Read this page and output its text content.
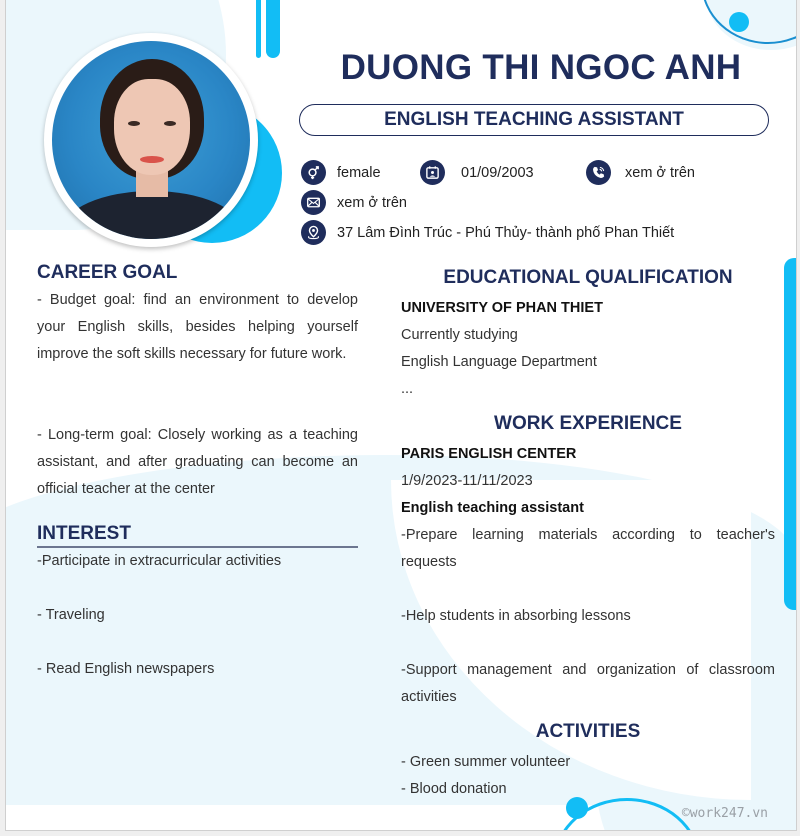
DUONG THI NGOC ANH
ENGLISH TEACHING ASSISTANT
female	01/09/2003	xem ở trên
xem ở trên
37 Lâm Đình Trúc - Phú Thủy- thành phố Phan Thiết
CAREER GOAL
- Budget goal: find an environment to develop your English skills, besides helping yourself improve the soft skills necessary for future work.
- Long-term goal: Closely working as a teaching assistant, and after graduating can become an official teacher at the center
INTEREST
-Participate in extracurricular activities
- Traveling
- Read English newspapers
EDUCATIONAL QUALIFICATION
UNIVERSITY OF PHAN THIET
Currently studying
English Language Department
...
WORK EXPERIENCE
PARIS ENGLISH CENTER
1/9/2023-11/11/2023
English teaching assistant
-Prepare learning materials according to teacher's requests
-Help students in absorbing lessons
-Support management and organization of classroom activities
ACTIVITIES
- Green summer volunteer
- Blood donation
©work247.vn
